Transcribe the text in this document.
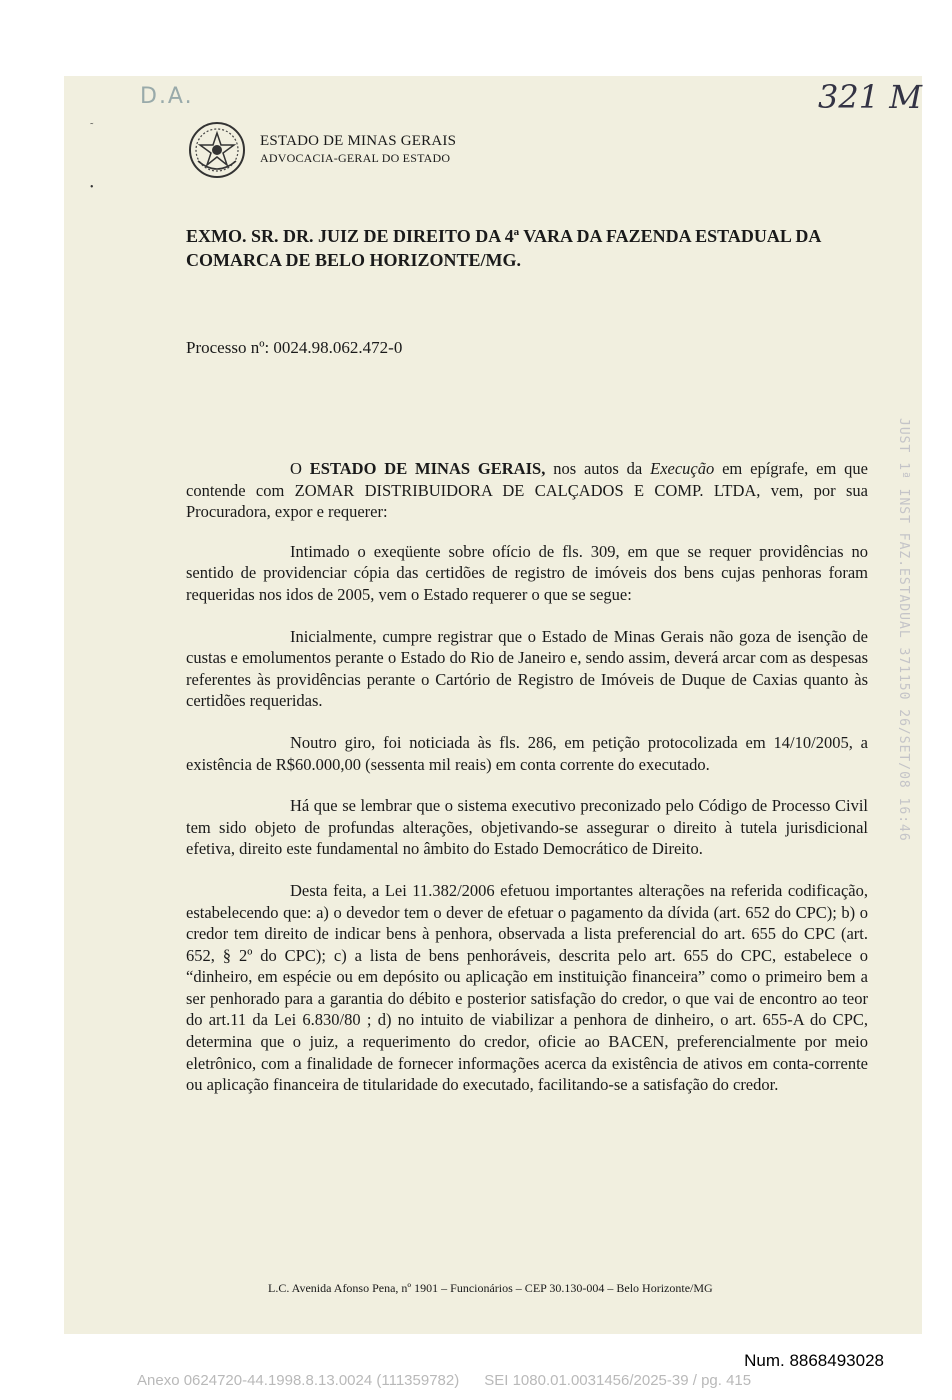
˜

•
D.A.	321 M
ESTADO DE MINAS GERAIS
ADVOCACIA-GERAL DO ESTADO
EXMO. SR. DR. JUIZ DE DIREITO DA 4ª VARA DA FAZENDA ESTADUAL DA COMARCA DE BELO HORIZONTE/MG.
Processo nº: 0024.98.062.472-0

O ESTADO DE MINAS GERAIS, nos autos da Execução em epígrafe, em que contende com ZOMAR DISTRIBUIDORA DE CALÇADOS E COMP. LTDA, vem, por sua Procuradora, expor e requerer:

Intimado o exeqüente sobre ofício de fls. 309, em que se requer providências no sentido de providenciar cópia das certidões de registro de imóveis dos bens cujas penhoras foram requeridas nos idos de 2005, vem o Estado requerer o que se segue:

Inicialmente, cumpre registrar que o Estado de Minas Gerais não goza de isenção de custas e emolumentos perante o Estado do Rio de Janeiro e, sendo assim, deverá arcar com as despesas referentes às providências perante o Cartório de Registro de Imóveis de Duque de Caxias quanto às certidões requeridas.

Noutro giro, foi noticiada às fls. 286, em petição protocolizada em 14/10/2005, a existência de R$60.000,00 (sessenta mil reais) em conta corrente do executado.

Há que se lembrar que o sistema executivo preconizado pelo Código de Processo Civil tem sido objeto de profundas alterações, objetivando-se assegurar o direito à tutela jurisdicional efetiva, direito este fundamental no âmbito do Estado Democrático de Direito.

Desta feita, a Lei 11.382/2006 efetuou importantes alterações na referida codificação, estabelecendo que: a) o devedor tem o dever de efetuar o pagamento da dívida (art. 652 do CPC); b) o credor tem direito de indicar bens à penhora, observada a lista preferencial do art. 655 do CPC (art. 652, § 2º do CPC); c) a lista de bens penhoráveis, descrita pelo art. 655 do CPC, estabelece o “dinheiro, em espécie ou em depósito ou aplicação em instituição financeira” como o primeiro bem a ser penhorado para a garantia do débito e posterior satisfação do credor, o que vai de encontro ao teor do art.11 da Lei 6.830/80 ; d) no intuito de viabilizar a penhora de dinheiro, o art. 655-A do CPC, determina que o juiz, a requerimento do credor, oficie ao BACEN, preferencialmente por meio eletrônico, com a finalidade de fornecer informações acerca da existência de ativos em conta-corrente ou aplicação financeira de titularidade do executado, facilitando-se a satisfação do credor.

L.C. Avenida Afonso Pena, nº 1901 – Funcionários – CEP 30.130-004 – Belo Horizonte/MG
JUST 1ª INST FAZ.ESTADUAL 371150 26/SET/08 16:46
Num. 8868493028
Anexo 0624720-44.1998.8.13.0024 (111359782)      SEI 1080.01.0031456/2025-39 / pg. 415
